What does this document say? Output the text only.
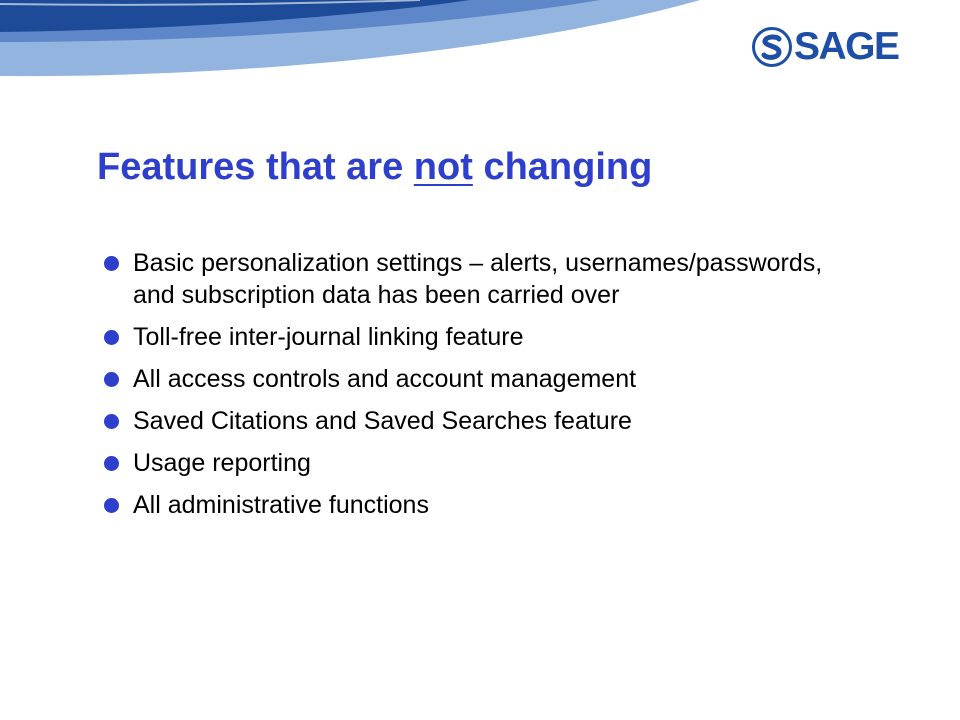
SAGE
Features that are not changing
Basic personalization settings – alerts, usernames/passwords, and subscription data has been carried over
Toll-free inter-journal linking feature
All access controls and account management
Saved Citations and Saved Searches feature
Usage reporting
All administrative functions
